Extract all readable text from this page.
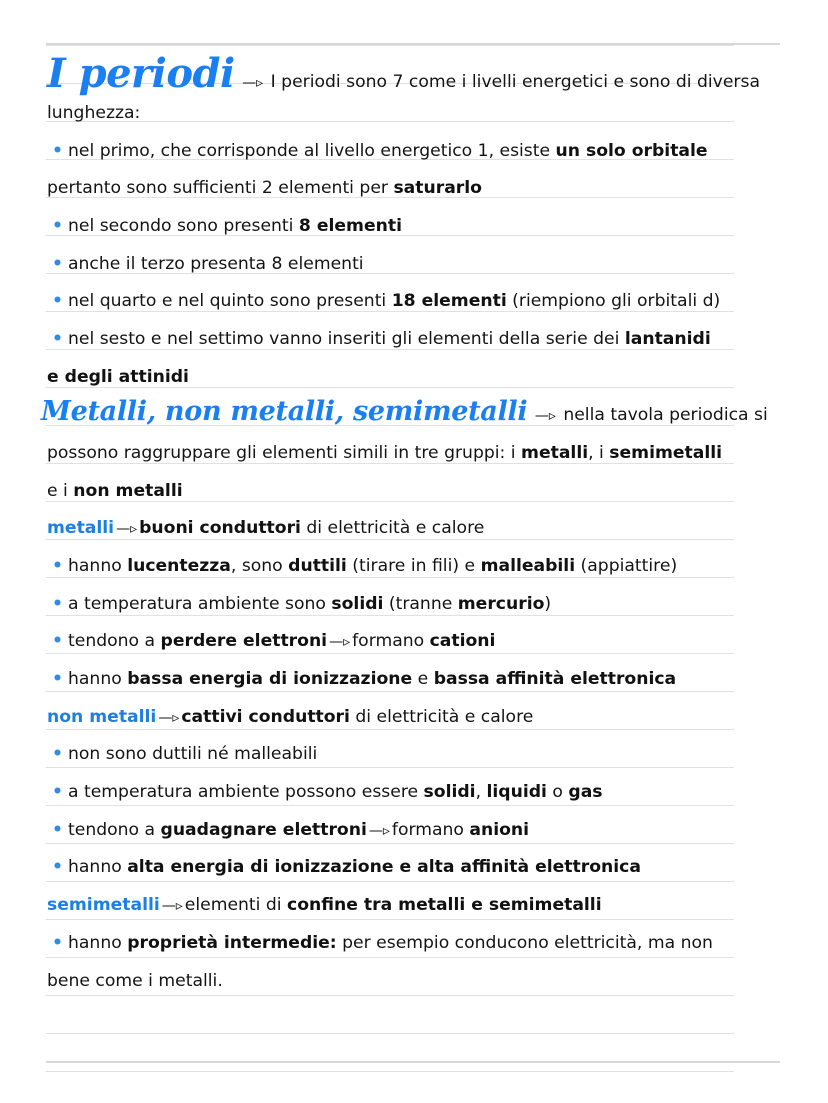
I periodi —▹ I periodi sono 7 come i livelli energetici e sono di diversa
lunghezza:
• nel primo, che corrisponde al livello energetico 1, esiste un solo orbitale
pertanto sono sufficienti 2 elementi per saturarlo
• nel secondo sono presenti 8 elementi
• anche il terzo presenta 8 elementi
• nel quarto e nel quinto sono presenti 18 elementi (riempiono gli orbitali d)
• nel sesto e nel settimo vanno inseriti gli elementi della serie dei lantanidi
e degli attinidi
Metalli, non metalli, semimetalli —▹ nella tavola periodica si
possono raggruppare gli elementi simili in tre gruppi: i metalli, i semimetalli
e i non metalli
metalli —▹ buoni conduttori di elettricità e calore
• hanno lucentezza, sono duttili (tirare in fili) e malleabili (appiattire)
• a temperatura ambiente sono solidi (tranne mercurio)
• tendono a perdere elettroni —▹ formano cationi
• hanno bassa energia di ionizzazione e bassa affinità elettronica
non metalli —▹ cattivi conduttori di elettricità e calore
• non sono duttili né malleabili
• a temperatura ambiente possono essere solidi, liquidi o gas
• tendono a guadagnare elettroni —▹ formano anioni
• hanno alta energia di ionizzazione e alta affinità elettronica
semimetalli —▹ elementi di confine tra metalli e semimetalli
• hanno proprietà intermedie: per esempio conducono elettricità, ma non
bene come i metalli.
